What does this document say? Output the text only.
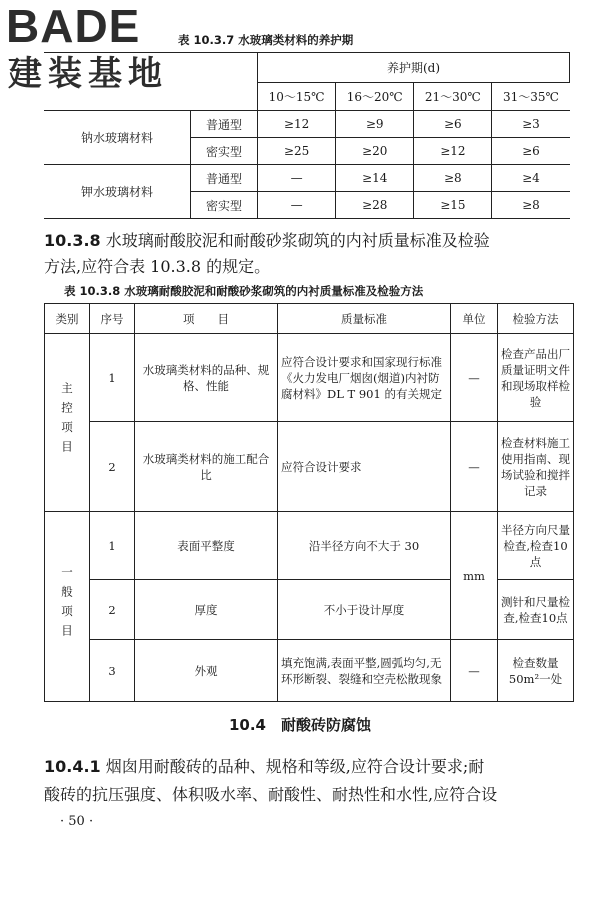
BADE
建装基地
表 10.3.7 水玻璃类材料的养护期
		养护期(d)			
		10～15℃	16～20℃	21～30℃	31～35℃
钠水玻璃材料	普通型	≥12	≥9	≥6	≥3
	密实型	≥25	≥20	≥12	≥6
钾水玻璃材料	普通型	—	≥14	≥8	≥4
	密实型	—	≥28	≥15	≥8
10.3.8 水玻璃耐酸胶泥和耐酸砂浆砌筑的内衬质量标准及检验
方法,应符合表 10.3.8 的规定。
表 10.3.8 水玻璃耐酸胶泥和耐酸砂浆砌筑的内衬质量标准及检验方法
类别	序号	项　　目	质量标准	单位	检验方法
主控项目	1	水玻璃类材料的品种、规格、性能	应符合设计要求和国家现行标准《火力发电厂烟囱(烟道)内衬防腐材料》DL T 901 的有关规定	—	检查产品出厂质量证明文件和现场取样检验
	2	水玻璃类材料的施工配合比	应符合设计要求	—	检查材料施工使用指南、现场试验和搅拌记录
一般项目	1	表面平整度	沿半径方向不大于 30	mm	半径方向尺量检查,检查10点
	2	厚度	不小于设计厚度		测针和尺量检查,检查10点
	3	外观	填充饱满,表面平整,圆弧均匀,无环形断裂、裂缝和空壳松散现象	—	检查数量50m²一处
10.4　耐酸砖防腐蚀
10.4.1 烟囱用耐酸砖的品种、规格和等级,应符合设计要求;耐
酸砖的抗压强度、体积吸水率、耐酸性、耐热性和水性,应符合设
· 50 ·
